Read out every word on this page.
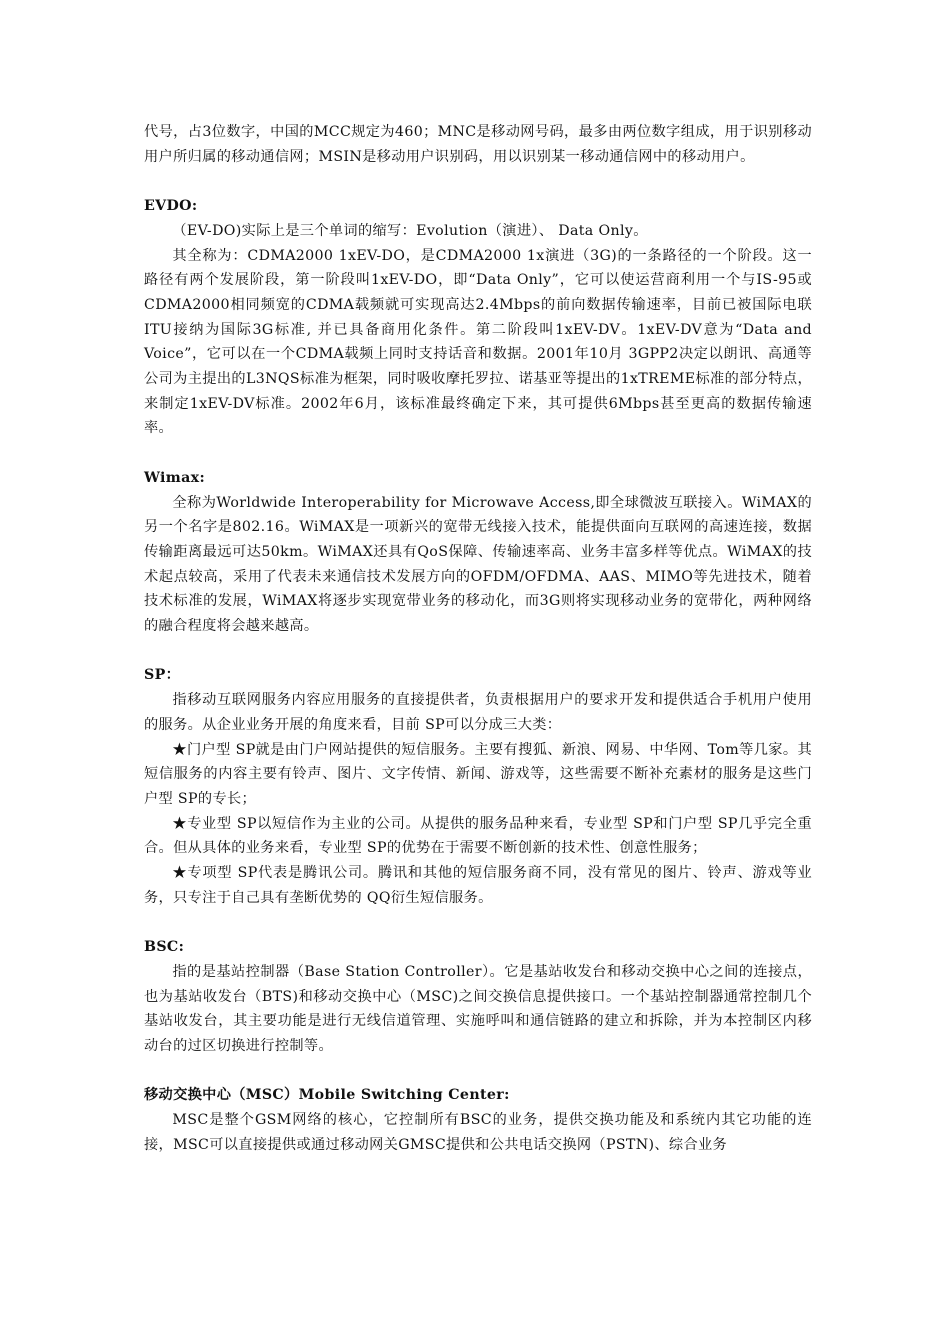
代号，占3位数字，中国的MCC规定为460；MNC是移动网号码，最多由两位数字组成，用于识别移动用户所归属的移动通信网；MSIN是移动用户识别码，用以识别某一移动通信网中的移动用户。

EVDO:

（EV-DO)实际上是三个单词的缩写：Evolution（演进）、 Data Only。

其全称为：CDMA2000 1xEV-DO，是CDMA2000 1x演进（3G)的一条路径的一个阶段。这一路径有两个发展阶段，第一阶段叫1xEV-DO，即“Data Only”，它可以使运营商利用一个与IS-95或CDMA2000相同频宽的CDMA载频就可实现高达2.4Mbps的前向数据传输速率，目前已被国际电联ITU接纳为国际3G标准, 并已具备商用化条件。第二阶段叫1xEV-DV。1xEV-DV意为“Data and Voice”，它可以在一个CDMA载频上同时支持话音和数据。2001年10月 3GPP2决定以朗讯、高通等公司为主提出的L3NQS标准为框架，同时吸收摩托罗拉、诺基亚等提出的1xTREME标准的部分特点，来制定1xEV-DV标准。2002年6月，该标准最终确定下来，其可提供6Mbps甚至更高的数据传输速率。

Wimax:

全称为Worldwide Interoperability for Microwave Access,即全球微波互联接入。WiMAX的另一个名字是802.16。WiMAX是一项新兴的宽带无线接入技术，能提供面向互联网的高速连接，数据传输距离最远可达50km。WiMAX还具有QoS保障、传输速率高、业务丰富多样等优点。WiMAX的技术起点较高，采用了代表未来通信技术发展方向的OFDM/OFDMA、AAS、MIMO等先进技术，随着技术标准的发展，WiMAX将逐步实现宽带业务的移动化，而3G则将实现移动业务的宽带化，两种网络的融合程度将会越来越高。

SP：

指移动互联网服务内容应用服务的直接提供者，负责根据用户的要求开发和提供适合手机用户使用的服务。从企业业务开展的角度来看，目前 SP可以分成三大类：

★门户型 SP就是由门户网站提供的短信服务。主要有搜狐、新浪、网易、中华网、Tom等几家。其短信服务的内容主要有铃声、图片、文字传情、新闻、游戏等，这些需要不断补充素材的服务是这些门户型 SP的专长；

★专业型 SP以短信作为主业的公司。从提供的服务品种来看，专业型 SP和门户型 SP几乎完全重合。但从具体的业务来看，专业型 SP的优势在于需要不断创新的技术性、创意性服务；

★专项型 SP代表是腾讯公司。腾讯和其他的短信服务商不同，没有常见的图片、铃声、游戏等业务，只专注于自己具有垄断优势的 QQ衍生短信服务。

BSC:

指的是基站控制器（Base Station Controller）。它是基站收发台和移动交换中心之间的连接点，也为基站收发台（BTS)和移动交换中心（MSC)之间交换信息提供接口。一个基站控制器通常控制几个基站收发台，其主要功能是进行无线信道管理、实施呼叫和通信链路的建立和拆除，并为本控制区内移 动台的过区切换进行控制等。

移动交换中心（MSC）Mobile Switching Center:

MSC是整个GSM网络的核心，它控制所有BSC的业务，提供交换功能及和系统内其它功能的连接，MSC可以直接提供或通过移动网关GMSC提供和公共电话交换网（PSTN)、综合业务
